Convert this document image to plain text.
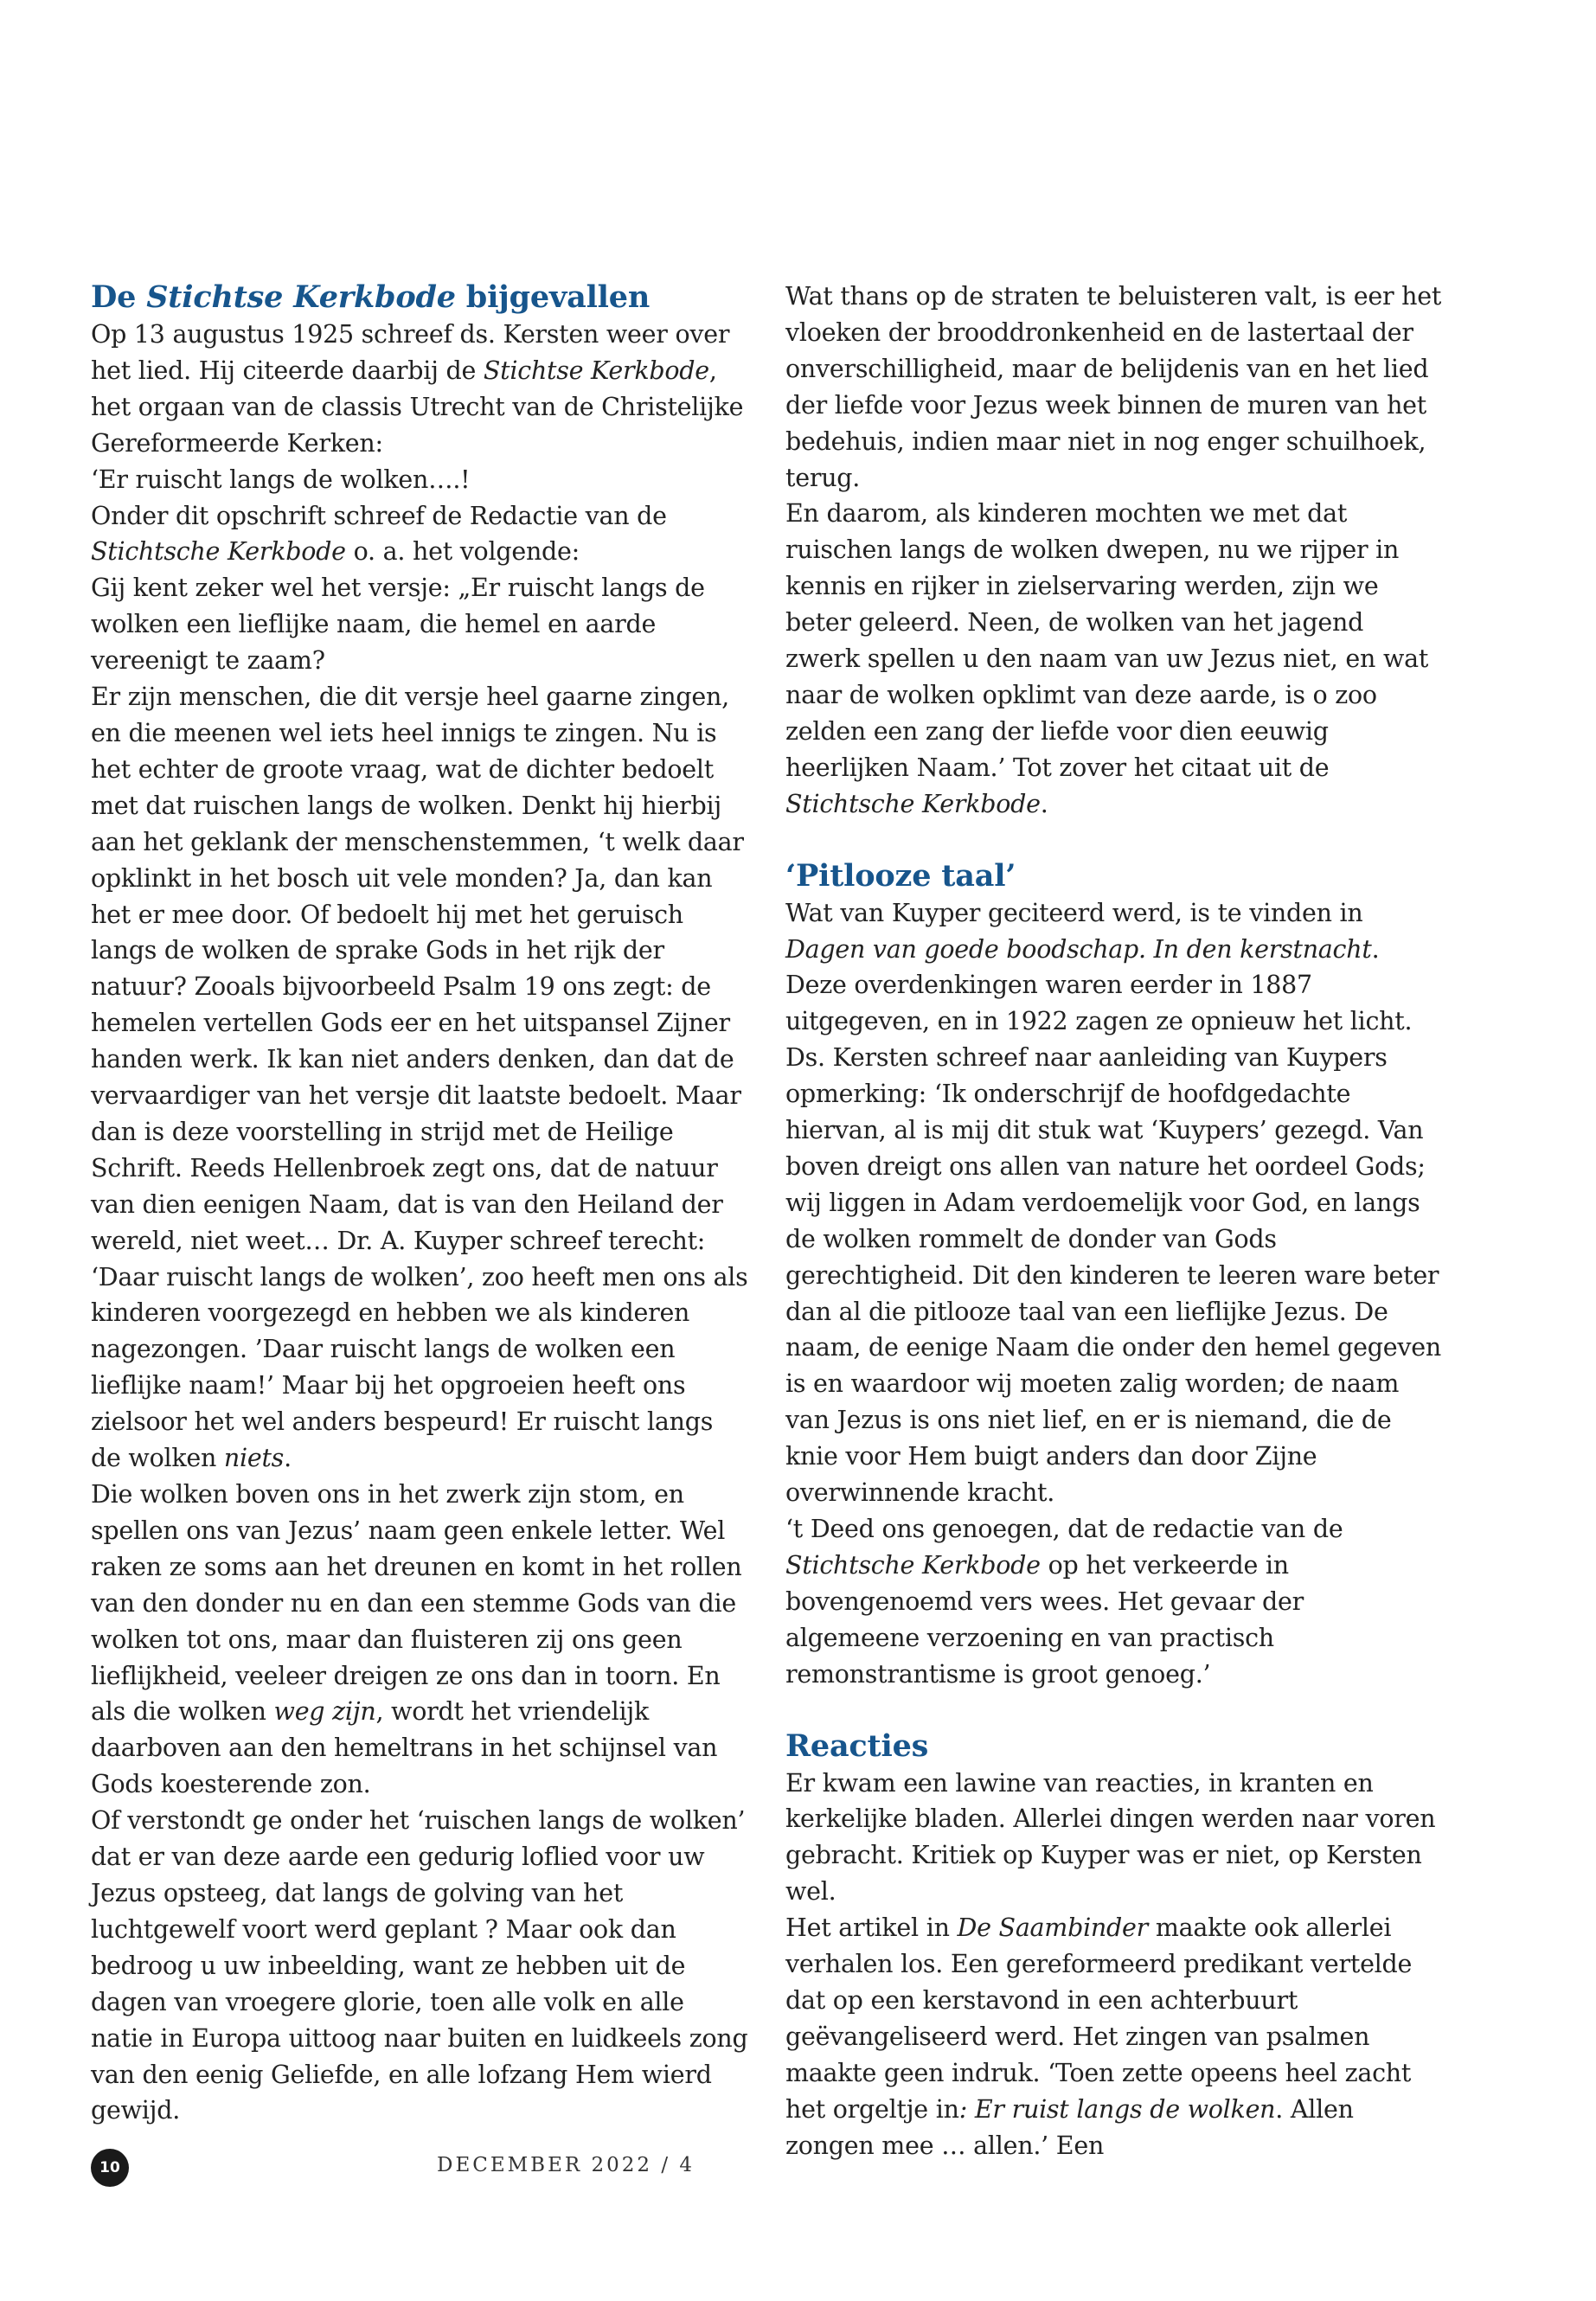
De Stichtse Kerkbode bijgevallen

Op 13 augustus 1925 schreef ds. Kersten weer over het lied. Hij citeerde daarbij de Stichtse Kerkbode, het orgaan van de classis Utrecht van de Christelijke Gereformeerde Kerken:

‘Er ruischt langs de wolken….!

Onder dit opschrift schreef de Redactie van de Stichtsche Kerkbode o. a. het volgende:

Gij kent zeker wel het versje: „Er ruischt langs de wolken een lieflijke naam, die hemel en aarde vereenigt te zaam?

Er zijn menschen, die dit versje heel gaarne zingen, en die meenen wel iets heel innigs te zingen. Nu is het echter de groote vraag, wat de dichter bedoelt met dat ruischen langs de wolken. Denkt hij hierbij aan het geklank der menschenstemmen, ‘t welk daar opklinkt in het bosch uit vele monden? Ja, dan kan het er mee door. Of bedoelt hij met het geruisch langs de wolken de sprake Gods in het rijk der natuur? Zooals bijvoorbeeld Psalm 19 ons zegt: de hemelen vertellen Gods eer en het uitspansel Zijner handen werk. Ik kan niet anders denken, dan dat de vervaardiger van het versje dit laatste bedoelt. Maar dan is deze voorstelling in strijd met de Heilige Schrift. Reeds Hellenbroek zegt ons, dat de natuur van dien eenigen Naam, dat is van den Heiland der wereld, niet weet… Dr. A. Kuyper schreef terecht: ‘Daar ruischt langs de wolken’, zoo heeft men ons als kinderen voorgezegd en hebben we als kinderen nagezongen. ’Daar ruischt langs de wolken een lieflijke naam!’ Maar bij het opgroeien heeft ons zielsoor het wel anders bespeurd! Er ruischt langs de wolken niets.

Die wolken boven ons in het zwerk zijn stom, en spellen ons van Jezus’ naam geen enkele letter. Wel raken ze soms aan het dreunen en komt in het rollen van den donder nu en dan een stemme Gods van die wolken tot ons, maar dan fluisteren zij ons geen lieflijkheid, veeleer dreigen ze ons dan in toorn. En als die wolken weg zijn, wordt het vriendelijk daarboven aan den hemeltrans in het schijnsel van Gods koesterende zon.

Of verstondt ge onder het ‘ruischen langs de wolken’ dat er van deze aarde een gedurig loflied voor uw Jezus opsteeg, dat langs de golving van het luchtgewelf voort werd geplant ? Maar ook dan bedroog u uw inbeelding, want ze hebben uit de dagen van vroegere glorie, toen alle volk en alle natie in Europa uittoog naar buiten en luidkeels zong van den eenig Geliefde, en alle lofzang Hem wierd gewijd.

Wat thans op de straten te beluisteren valt, is eer het vloeken der brooddronkenheid en de lastertaal der onverschilligheid, maar de belijdenis van en het lied der liefde voor Jezus week binnen de muren van het bedehuis, indien maar niet in nog enger schuilhoek, terug.

En daarom, als kinderen mochten we met dat ruischen langs de wolken dwepen, nu we rijper in kennis en rijker in zielservaring werden, zijn we beter geleerd. Neen, de wolken van het jagend zwerk spellen u den naam van uw Jezus niet, en wat naar de wolken opklimt van deze aarde, is o zoo zelden een zang der liefde voor dien eeuwig heerlijken Naam.’ Tot zover het citaat uit de Stichtsche Kerkbode.

‘Pitlooze taal’

Wat van Kuyper geciteerd werd, is te vinden in Dagen van goede boodschap. In den kerstnacht. Deze overdenkingen waren eerder in 1887 uitgegeven, en in 1922 zagen ze opnieuw het licht. Ds. Kersten schreef naar aanleiding van Kuypers opmerking: ‘Ik onderschrijf de hoofdgedachte hiervan, al is mij dit stuk wat ‘Kuypers’ gezegd. Van boven dreigt ons allen van nature het oordeel Gods; wij liggen in Adam verdoemelijk voor God, en langs de wolken rommelt de donder van Gods gerechtigheid. Dit den kinderen te leeren ware beter dan al die pitlooze taal van een lieflijke Jezus. De naam, de eenige Naam die onder den hemel gegeven is en waardoor wij moeten zalig worden; de naam van Jezus is ons niet lief, en er is niemand, die de knie voor Hem buigt anders dan door Zijne overwinnende kracht.

‘t Deed ons genoegen, dat de redactie van de Stichtsche Kerkbode op het verkeerde in bovengenoemd vers wees. Het gevaar der algemeene verzoening en van practisch remonstrantisme is groot genoeg.’

Reacties

Er kwam een lawine van reacties, in kranten en kerkelijke bladen. Allerlei dingen werden naar voren gebracht. Kritiek op Kuyper was er niet, op Kersten wel.

Het artikel in De Saambinder maakte ook allerlei verhalen los. Een gereformeerd predikant vertelde dat op een kerstavond in een achterbuurt geëvangeliseerd werd. Het zingen van psalmen maakte geen indruk. ‘Toen zette opeens heel zacht het orgeltje in: Er ruist langs de wolken. Allen zongen mee … allen.’ Een

10	DECEMBER 2022 / 4
